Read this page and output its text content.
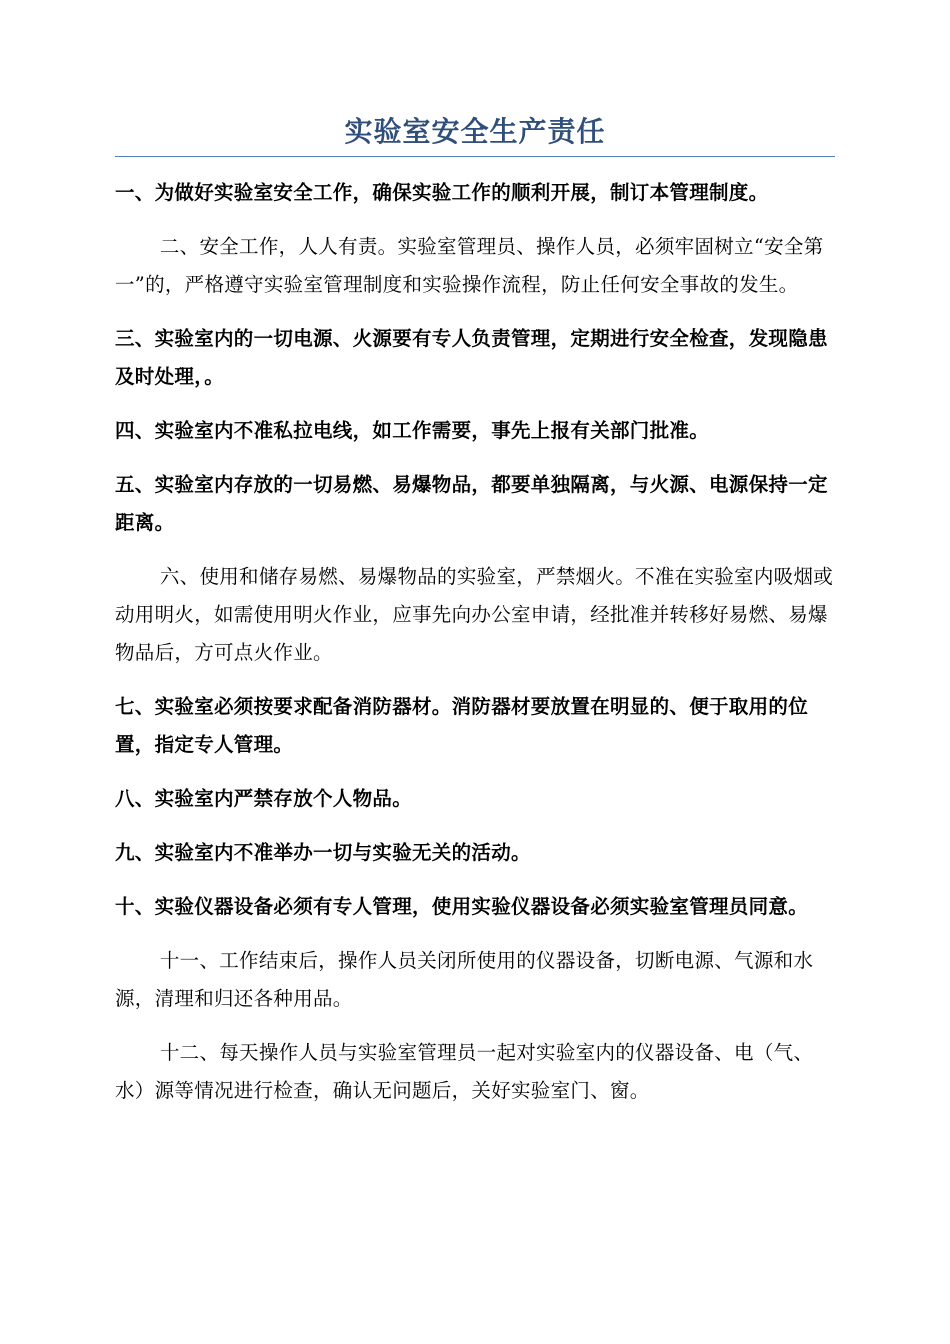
实验室安全生产责任

一、为做好实验室安全工作，确保实验工作的顺利开展，制订本管理制度。

二、安全工作，人人有责。实验室管理员、操作人员，必须牢固树立“安全第一”的，严格遵守实验室管理制度和实验操作流程，防止任何安全事故的发生。

三、实验室内的一切电源、火源要有专人负责管理，定期进行安全检查，发现隐患及时处理，。

四、实验室内不准私拉电线，如工作需要，事先上报有关部门批准。

五、实验室内存放的一切易燃、易爆物品，都要单独隔离，与火源、电源保持一定距离。

六、使用和储存易燃、易爆物品的实验室，严禁烟火。不准在实验室内吸烟或动用明火，如需使用明火作业，应事先向办公室申请，经批准并转移好易燃、易爆物品后，方可点火作业。

七、实验室必须按要求配备消防器材。消防器材要放置在明显的、便于取用的位置，指定专人管理。

八、实验室内严禁存放个人物品。

九、实验室内不准举办一切与实验无关的活动。

十、实验仪器设备必须有专人管理，使用实验仪器设备必须实验室管理员同意。

十一、工作结束后，操作人员关闭所使用的仪器设备，切断电源、气源和水源，清理和归还各种用品。

十二、每天操作人员与实验室管理员一起对实验室内的仪器设备、电（气、水）源等情况进行检查，确认无问题后，关好实验室门、窗。
